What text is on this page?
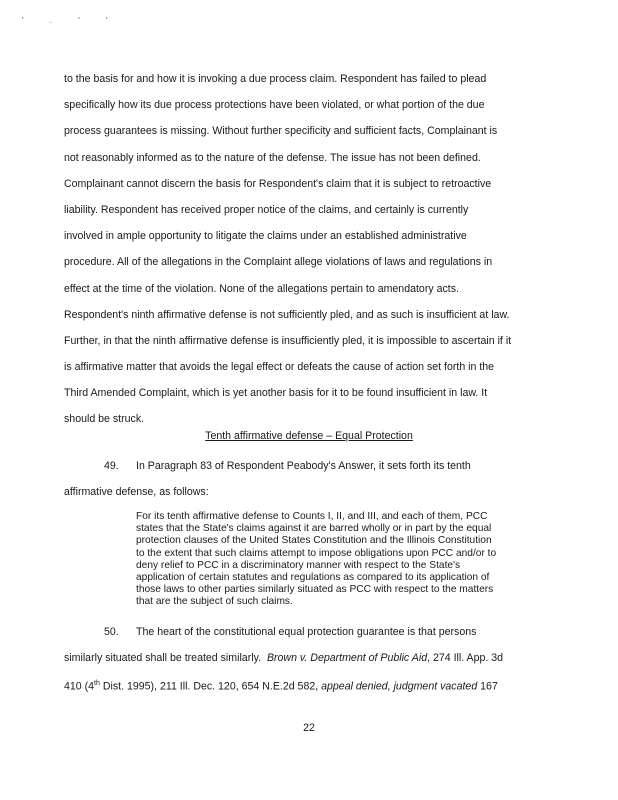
' . ' '
to the basis for and how it is invoking a due process claim. Respondent has failed to plead
specifically how its due process protections have been violated, or what portion of the due
process guarantees is missing. Without further specificity and sufficient facts, Complainant is
not reasonably informed as to the nature of the defense. The issue has not been defined.
Complainant cannot discern the basis for Respondent's claim that it is subject to retroactive
liability. Respondent has received proper notice of the claims, and certainly is currently
involved in ample opportunity to litigate the claims under an established administrative
procedure. All of the allegations in the Complaint allege violations of laws and regulations in
effect at the time of the violation. None of the allegations pertain to amendatory acts.
Respondent's ninth affirmative defense is not sufficiently pled, and as such is insufficient at law.
Further, in that the ninth affirmative defense is insufficiently pled, it is impossible to ascertain if it
is affirmative matter that avoids the legal effect or defeats the cause of action set forth in the
Third Amended Complaint, which is yet another basis for it to be found insufficient in law. It
should be struck.
Tenth affirmative defense – Equal Protection
49. In Paragraph 83 of Respondent Peabody's Answer, it sets forth its tenth
affirmative defense, as follows:
For its tenth affirmative defense to Counts I, II, and III, and each of them, PCC
states that the State's claims against it are barred wholly or in part by the equal
protection clauses of the United States Constitution and the Illinois Constitution
to the extent that such claims attempt to impose obligations upon PCC and/or to
deny relief to PCC in a discriminatory manner with respect to the State's
application of certain statutes and regulations as compared to its application of
those laws to other parties similarly situated as PCC with respect to the matters
that are the subject of such claims.
50. The heart of the constitutional equal protection guarantee is that persons
similarly situated shall be treated similarly. Brown v. Department of Public Aid, 274 Ill. App. 3d
410 (4th Dist. 1995), 211 Ill. Dec. 120, 654 N.E.2d 582, appeal denied, judgment vacated 167
22
